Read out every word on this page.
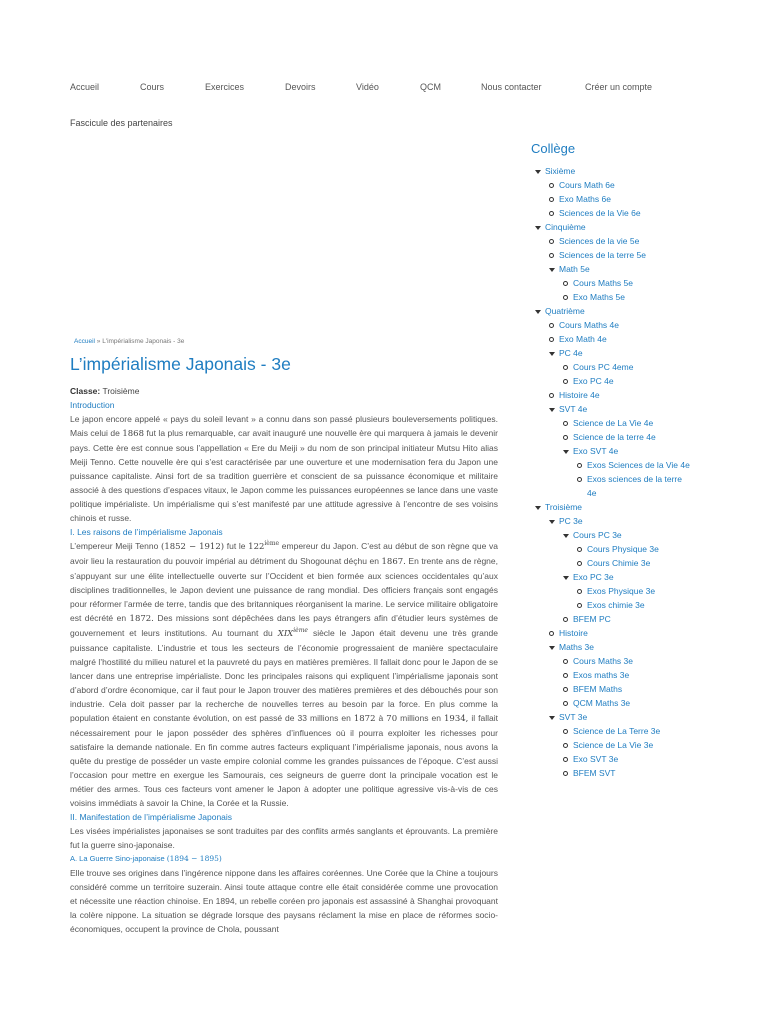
Accueil	Cours	Exercices	Devoirs	Vidéo	QCM	Nous contacter	Créer un compte
Fascicule des partenaires
Accueil » L'impérialisme Japonais - 3e
L’impérialisme Japonais - 3e

Classe: Troisième

Introduction

Le japon encore appelé « pays du soleil levant » a connu dans son passé plusieurs bouleversements politiques. Mais celui de 1868 fut la plus remarquable, car avait inauguré une nouvelle ère qui marquera à jamais le devenir pays. Cette ère est connue sous l’appellation « Ere du Meiji » du nom de son principal initiateur Mutsu Hito alias Meiji Tenno. Cette nouvelle ère qui s’est caractérisée par une ouverture et une modernisation fera du Japon une puissance capitaliste. Ainsi fort de sa tradition guerrière et conscient de sa puissance économique et militaire associé à des questions d’espaces vitaux, le Japon comme les puissances européennes se lance dans une vaste politique impérialiste. Un impérialisme qui s’est manifesté par une attitude agressive à l’encontre de ses voisins chinois et russe.

I. Les raisons de l’impérialisme Japonais

L’empereur Meiji Tenno (1852 − 1912) fut le 122ième empereur du Japon. C’est au début de son règne que va avoir lieu la restauration du pouvoir impérial au détriment du Shogounat déçhu en 1867. En trente ans de règne, s’appuyant sur une élite intellectuelle ouverte sur l’Occident et bien formée aux sciences occidentales qu’aux disciplines traditionnelles, le Japon devient une puissance de rang mondial. Des officiers français sont engagés pour réformer l’armée de terre, tandis que des britanniques réorganisent la marine. Le service militaire obligatoire est décrété en 1872. Des missions sont dépêchées dans les pays étrangers afin d’étudier leurs systèmes de gouvernement et leurs institutions. Au tournant du XIXième siècle le Japon était devenu une très grande puissance capitaliste. L’industrie et tous les secteurs de l’économie progressaient de manière spectaculaire malgré l’hostilité du milieu naturel et la pauvreté du pays en matières premières. Il fallait donc pour le Japon de se lancer dans une entreprise impérialiste. Donc les principales raisons qui expliquent l’impérialisme japonais sont d’abord d’ordre économique, car il faut pour le Japon trouver des matières premières et des débouchés pour son industrie. Cela doit passer par la recherche de nouvelles terres au besoin par la force. En plus comme la population étaient en constante évolution, on est passé de 33 millions en 1872 à 70 millions en 1934, il fallait nécessairement pour le japon posséder des sphères d’influences où il pourra exploiter les richesses pour satisfaire la demande nationale. En fin comme autres facteurs expliquant l’impérialisme japonais, nous avons la quête du prestige de posséder un vaste empire colonial comme les grandes puissances de l’époque. C’est aussi l’occasion pour mettre en exergue les Samourais, ces seigneurs de guerre dont la principale vocation est le métier des armes. Tous ces facteurs vont amener le Japon à adopter une politique agressive vis-à-vis de ces voisins immédiats à savoir la Chine, la Corée et la Russie.

II. Manifestation de l’impérialisme Japonais

Les visées impérialistes japonaises se sont traduites par des conflits armés sanglants et éprouvants. La première fut la guerre sino-japonaise.

A. La Guerre Sino-japonaise (1894 − 1895)

Elle trouve ses origines dans l’ingérence nippone dans les affaires coréennes. Une Corée que la Chine a toujours considéré comme un territoire suzerain. Ainsi toute attaque contre elle était considérée comme une provocation et nécessite une réaction chinoise. En 1894, un rebelle coréen pro japonais est assassiné à Shanghai provoquant la colère nippone. La situation se dégrade lorsque des paysans réclament la mise en place de réformes socio-économiques, occupent la province de Chola, poussant

Collège
Sixième
Cours Math 6e
Exo Maths 6e
Sciences de la Vie 6e
Cinquième
Sciences de la vie 5e
Sciences de la terre 5e
Math 5e
Cours Maths 5e
Exo Maths 5e
Quatrième
Cours Maths 4e
Exo Math 4e
PC 4e
Cours PC 4eme
Exo PC 4e
Histoire 4e
SVT 4e
Science de La Vie 4e
Science de la terre 4e
Exo SVT 4e
Exos Sciences de la Vie 4e
Exos sciences de la terre
4e
Troisième
PC 3e
Cours PC 3e
Cours Physique 3e
Cours Chimie 3e
Exo PC 3e
Exos Physique 3e
Exos chimie 3e
BFEM PC
Histoire
Maths 3e
Cours Maths 3e
Exos maths 3e
BFEM Maths
QCM Maths 3e
SVT 3e
Science de La Terre 3e
Science de La Vie 3e
Exo SVT 3e
BFEM SVT
